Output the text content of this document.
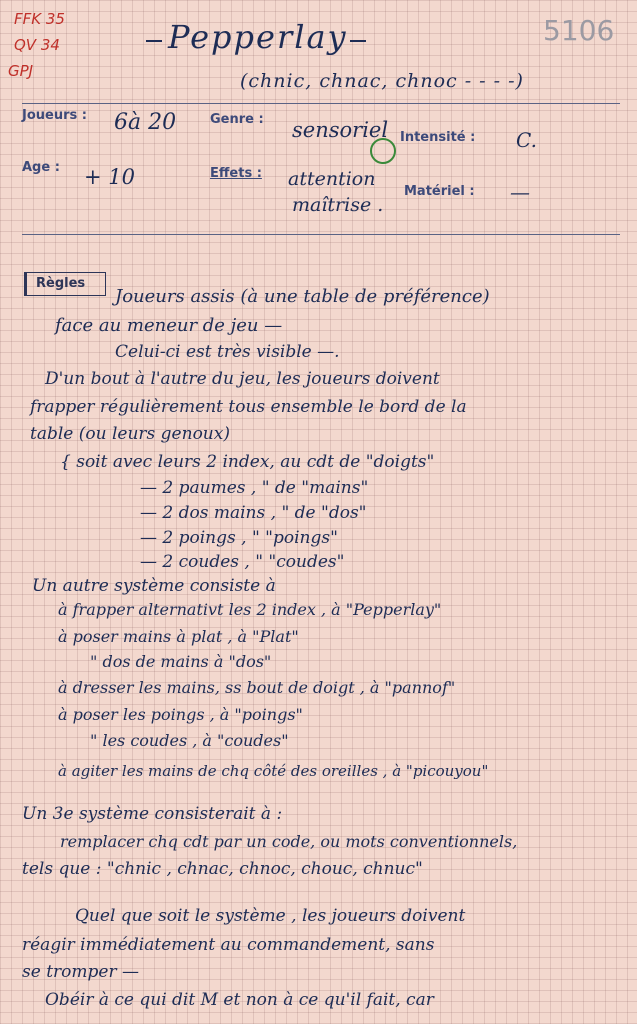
FFK 35
QV 34
GPJ
5106
Pepperlay
(chnic, chnac, chnoc - - - -)
Joueurs : 6à 20	Genre : sensoriel Intensité : C.
Age : + 10	Effets : attention
maîtrise .
Matériel : —
Règles
Joueurs assis (à une table de préférence)
face au meneur de jeu —
Celui-ci est très visible —.
D'un bout à l'autre du jeu, les joueurs doivent
frapper régulièrement tous ensemble le bord de la
table (ou leurs genoux)
{ soit avec leurs 2 index, au cdt de "doigts"
— 2 paumes , " de "mains"
— 2 dos mains , " de "dos"
— 2 poings , " "poings"
— 2 coudes , " "coudes"
Un autre système consiste à
à frapper alternativt les 2 index , à "Pepperlay"
à poser mains à plat , à "Plat"
" dos de mains à "dos"
à dresser les mains, ss bout de doigt , à "pannof"
à poser les poings , à "poings"
" les coudes , à "coudes"
à agiter les mains de chq côté des oreilles , à "picouyou"
Un 3e système consisterait à :
remplacer chq cdt par un code, ou mots conventionnels,
tels que : "chnic , chnac, chnoc, chouc, chnuc"
Quel que soit le système , les joueurs doivent
réagir immédiatement au commandement, sans
se tromper —
Obéir à ce qui dit M et non à ce qu'il fait, car
